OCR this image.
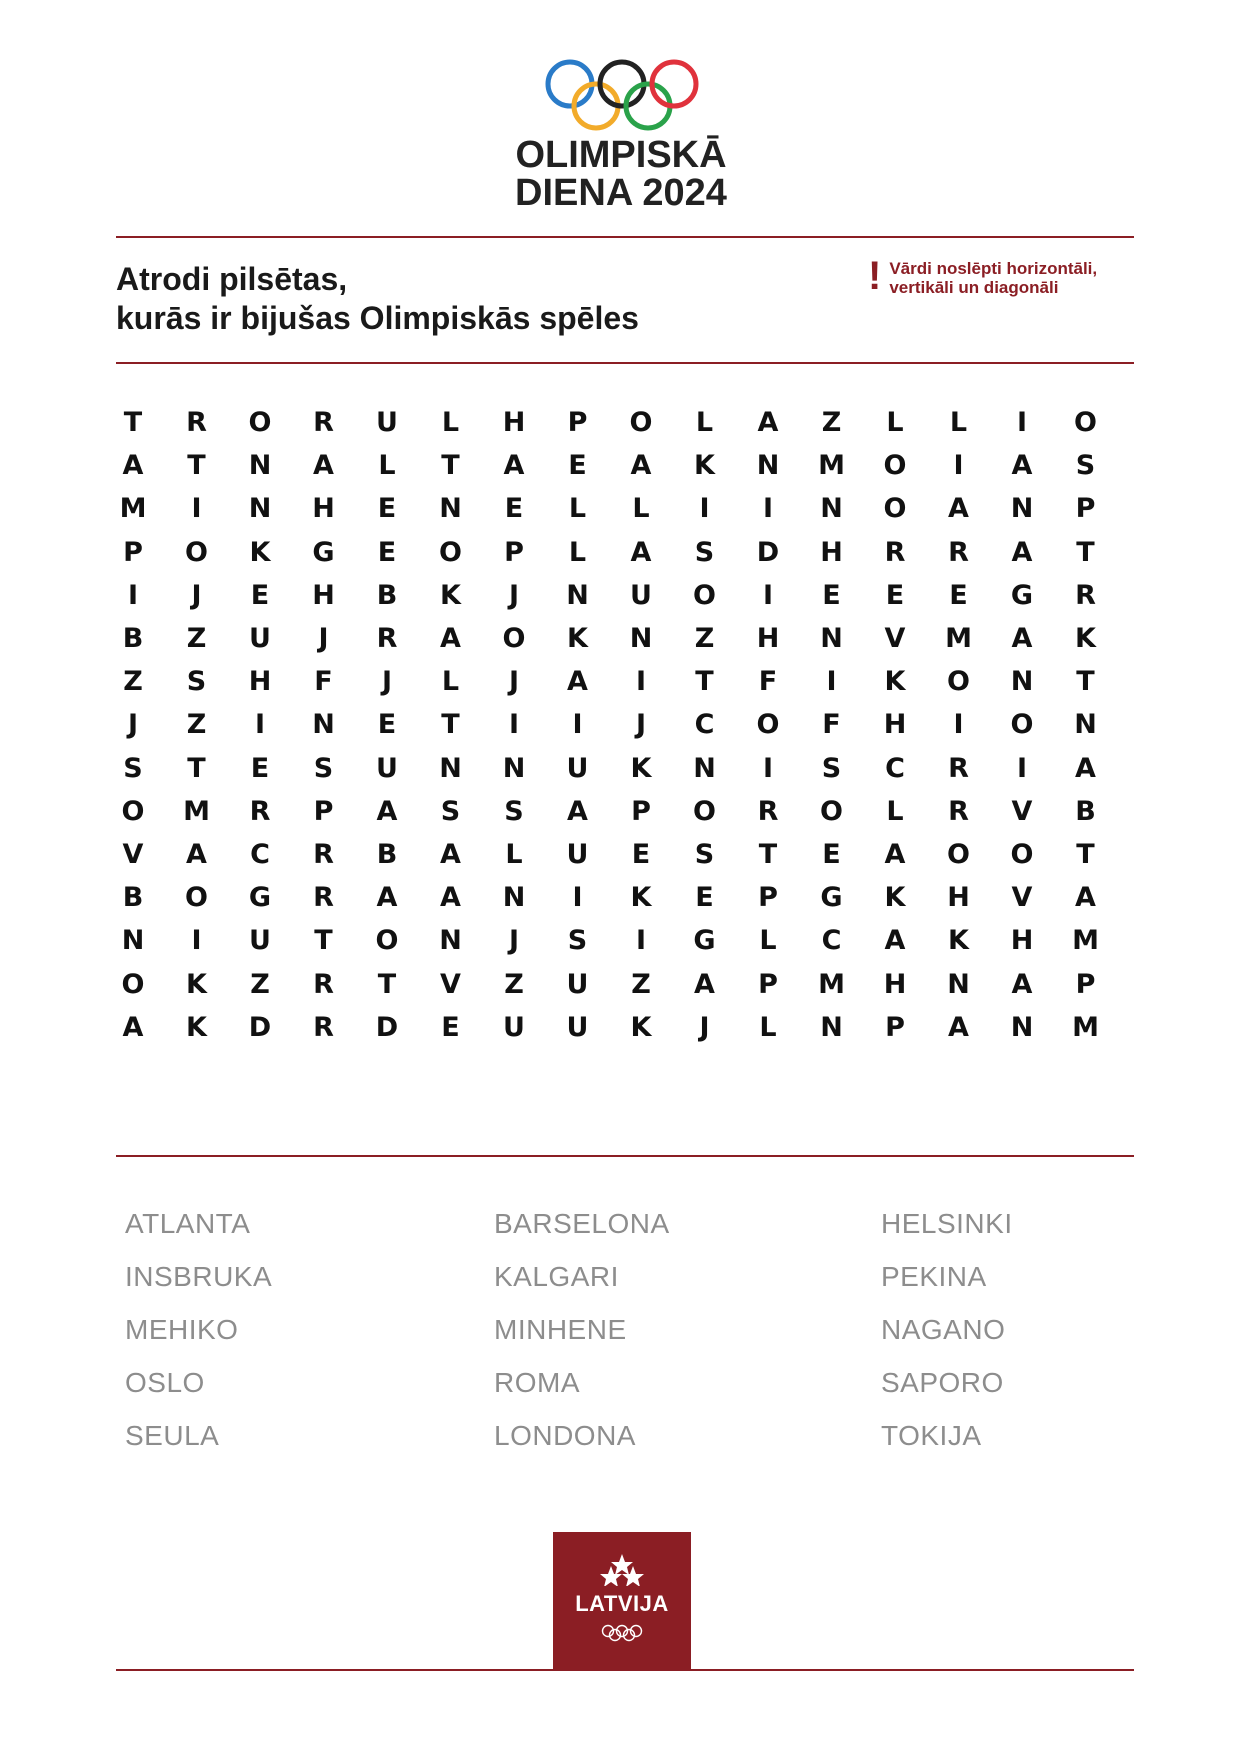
OLIMPISKĀ
DIENA 2024
Atrodi pilsētas,
kurās ir bijušas Olimpiskās spēles
! Vārdi noslēpti horizontāli,
vertikāli un diagonāli
T	R	O	R	U	L	H	P	O	L	A	Z	L	L	I	O
A	T	N	A	L	T	A	E	A	K	N	M	O	I	A	S
M	I	N	H	E	N	E	L	L	I	I	N	O	A	N	P
P	O	K	G	E	O	P	L	A	S	D	H	R	R	A	T
I	J	E	H	B	K	J	N	U	O	I	E	E	E	G	R
B	Z	U	J	R	A	O	K	N	Z	H	N	V	M	A	K
Z	S	H	F	J	L	J	A	I	T	F	I	K	O	N	T
J	Z	I	N	E	T	I	I	J	C	O	F	H	I	O	N
S	T	E	S	U	N	N	U	K	N	I	S	C	R	I	A
O	M	R	P	A	S	S	A	P	O	R	O	L	R	V	B
V	A	C	R	B	A	L	U	E	S	T	E	A	O	O	T
B	O	G	R	A	A	N	I	K	E	P	G	K	H	V	A
N	I	U	T	O	N	J	S	I	G	L	C	A	K	H	M
O	K	Z	R	T	V	Z	U	Z	A	P	M	H	N	A	P
A	K	D	R	D	E	U	U	K	J	L	N	P	A	N	M
ATLANTA
INSBRUKA
MEHIKO
OSLO
SEULA
BARSELONA
KALGARI
MINHENE
ROMA
LONDONA
HELSINKI
PEKINA
NAGANO
SAPORO
TOKIJA
LATVIJA
